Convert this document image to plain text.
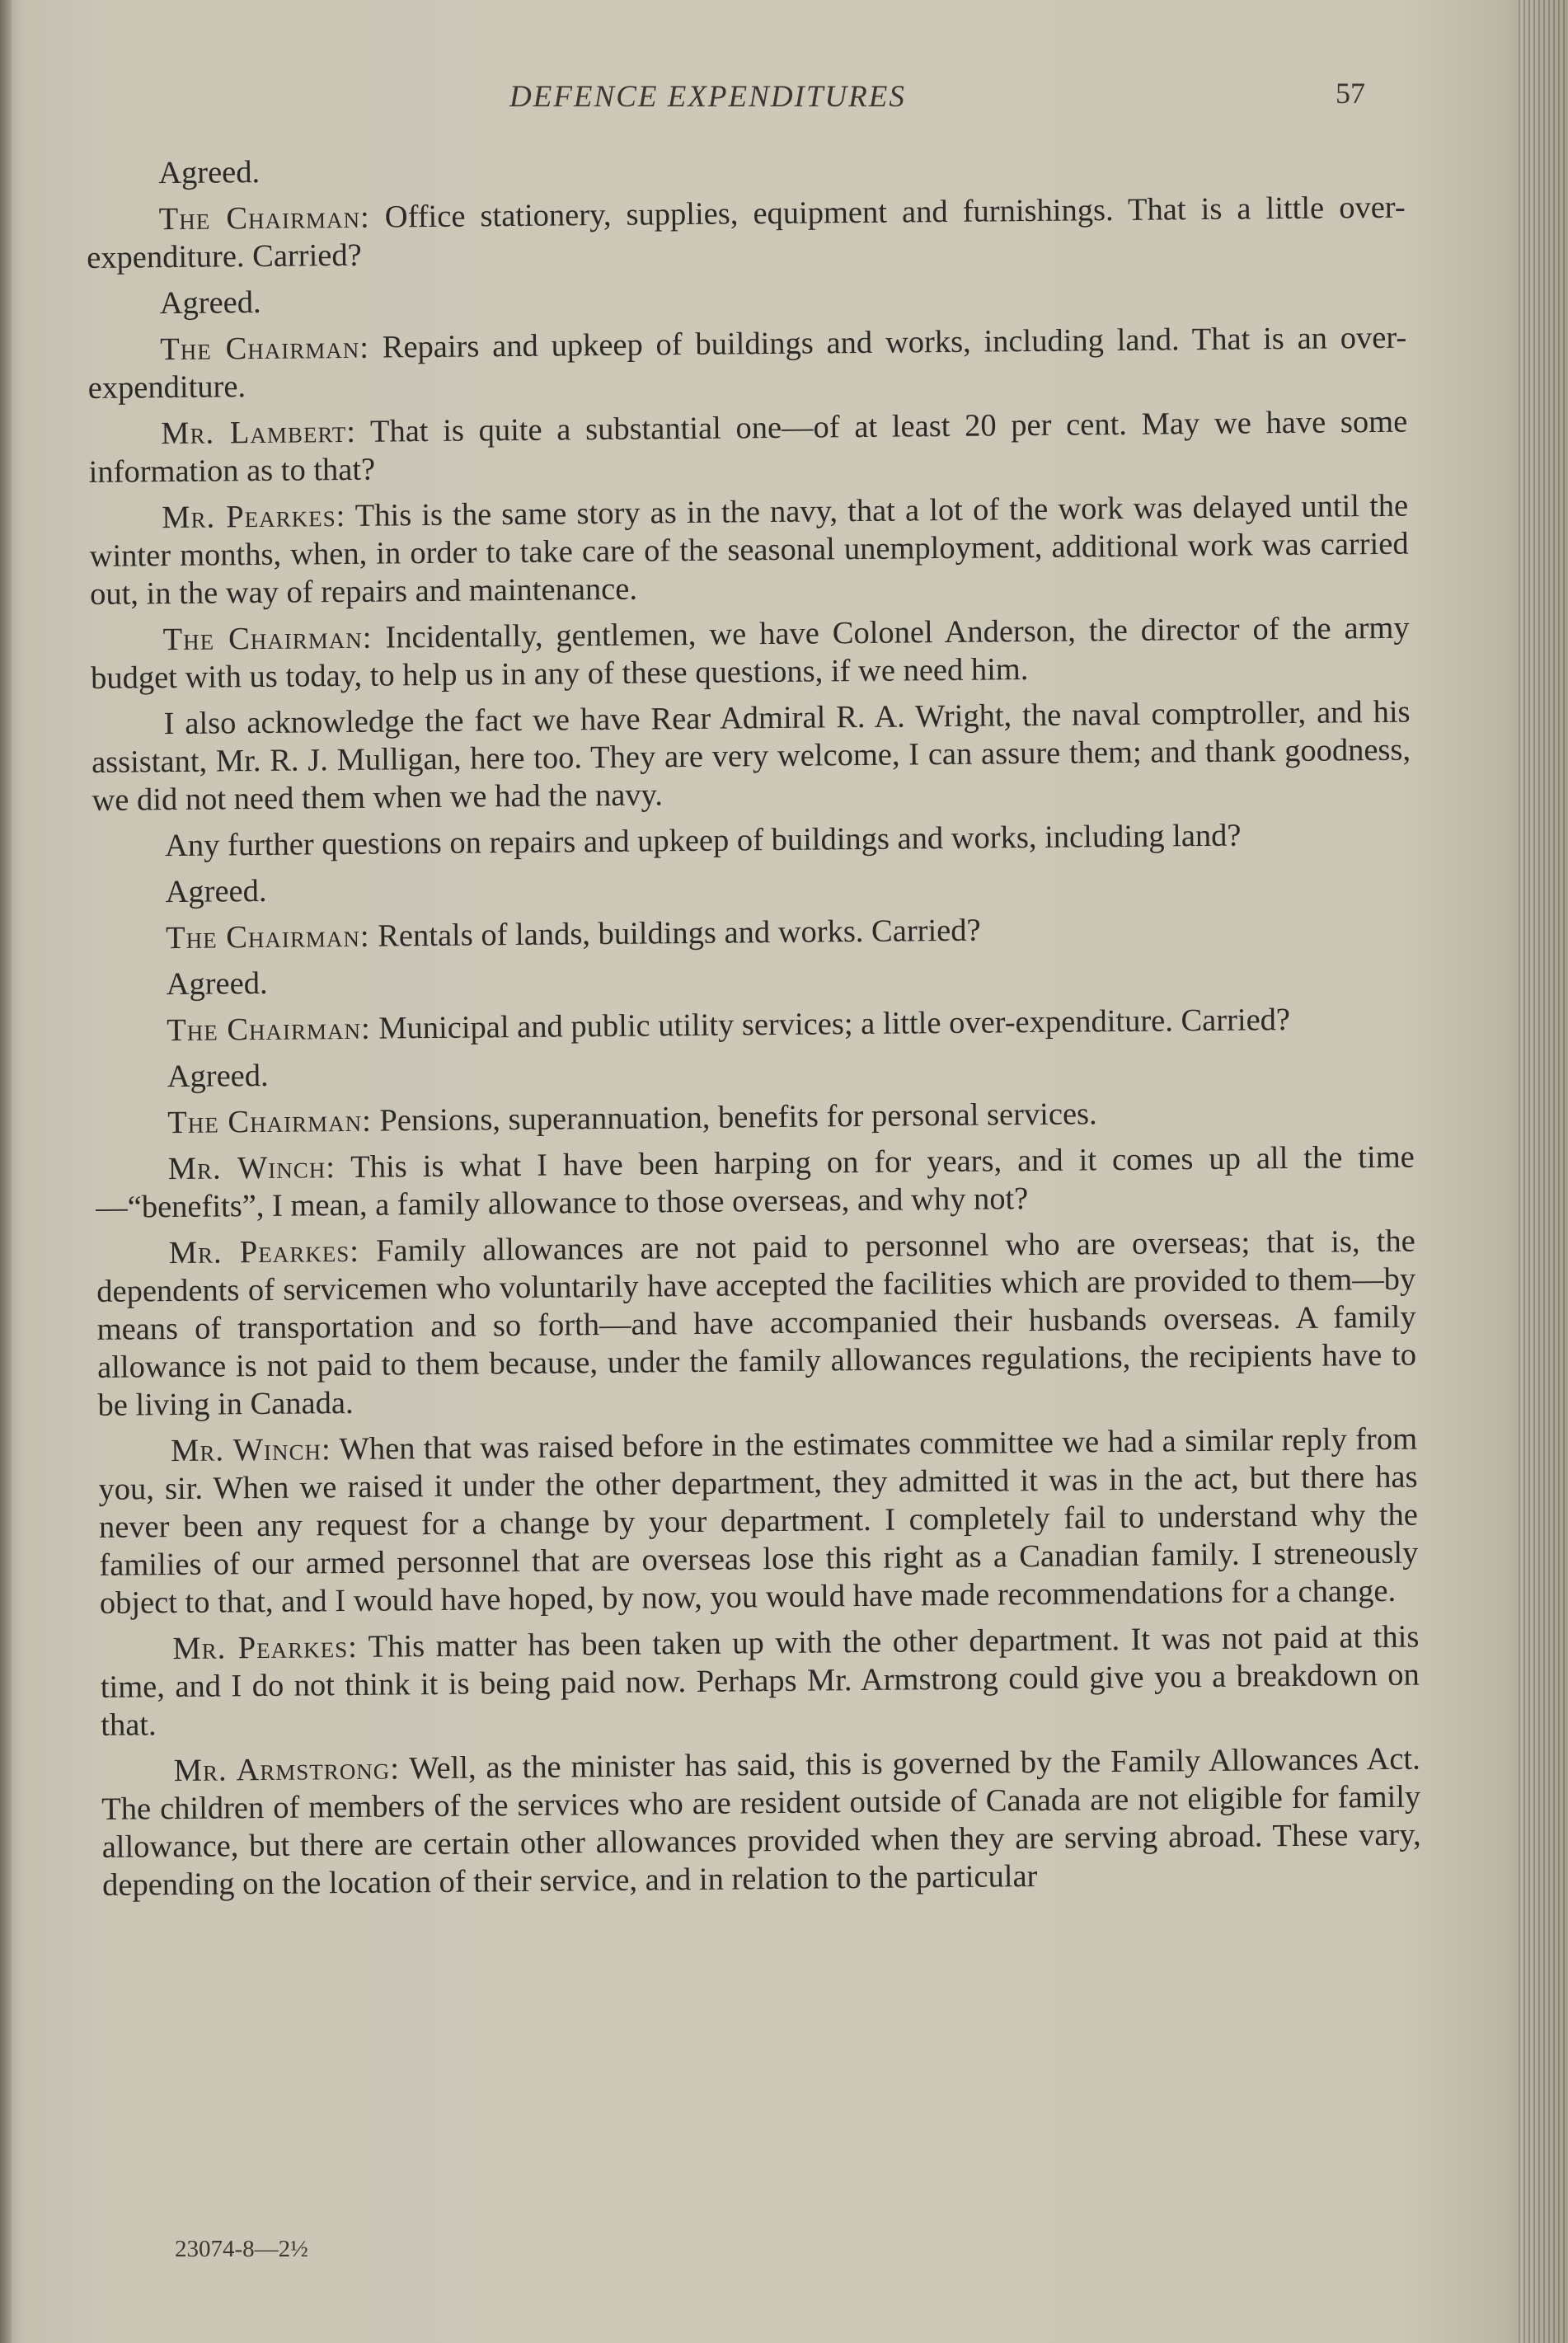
DEFENCE EXPENDITURES	57

Agreed.

The Chairman: Office stationery, supplies, equipment and furnishings. That is a little over-expenditure. Carried?

Agreed.

The Chairman: Repairs and upkeep of buildings and works, including land. That is an over-expenditure.

Mr. Lambert: That is quite a substantial one—of at least 20 per cent. May we have some information as to that?

Mr. Pearkes: This is the same story as in the navy, that a lot of the work was delayed until the winter months, when, in order to take care of the seasonal unemployment, additional work was carried out, in the way of repairs and maintenance.

The Chairman: Incidentally, gentlemen, we have Colonel Anderson, the director of the army budget with us today, to help us in any of these questions, if we need him.

I also acknowledge the fact we have Rear Admiral R. A. Wright, the naval comptroller, and his assistant, Mr. R. J. Mulligan, here too. They are very welcome, I can assure them; and thank goodness, we did not need them when we had the navy.

Any further questions on repairs and upkeep of buildings and works, including land?

Agreed.

The Chairman: Rentals of lands, buildings and works. Carried?

Agreed.

The Chairman: Municipal and public utility services; a little over-expenditure. Carried?

Agreed.

The Chairman: Pensions, superannuation, benefits for personal services.

Mr. Winch: This is what I have been harping on for years, and it comes up all the time—“benefits”, I mean, a family allowance to those overseas, and why not?

Mr. Pearkes: Family allowances are not paid to personnel who are overseas; that is, the dependents of servicemen who voluntarily have accepted the facilities which are provided to them—by means of transportation and so forth—and have accompanied their husbands overseas. A family allowance is not paid to them because, under the family allowances regulations, the recipients have to be living in Canada.

Mr. Winch: When that was raised before in the estimates committee we had a similar reply from you, sir. When we raised it under the other department, they admitted it was in the act, but there has never been any request for a change by your department. I completely fail to understand why the families of our armed personnel that are overseas lose this right as a Canadian family. I streneously object to that, and I would have hoped, by now, you would have made recommendations for a change.

Mr. Pearkes: This matter has been taken up with the other department. It was not paid at this time, and I do not think it is being paid now. Perhaps Mr. Armstrong could give you a breakdown on that.

Mr. Armstrong: Well, as the minister has said, this is governed by the Family Allowances Act. The children of members of the services who are resident outside of Canada are not eligible for family allowance, but there are certain other allowances provided when they are serving abroad. These vary, depending on the location of their service, and in relation to the particular

23074-8—2½
